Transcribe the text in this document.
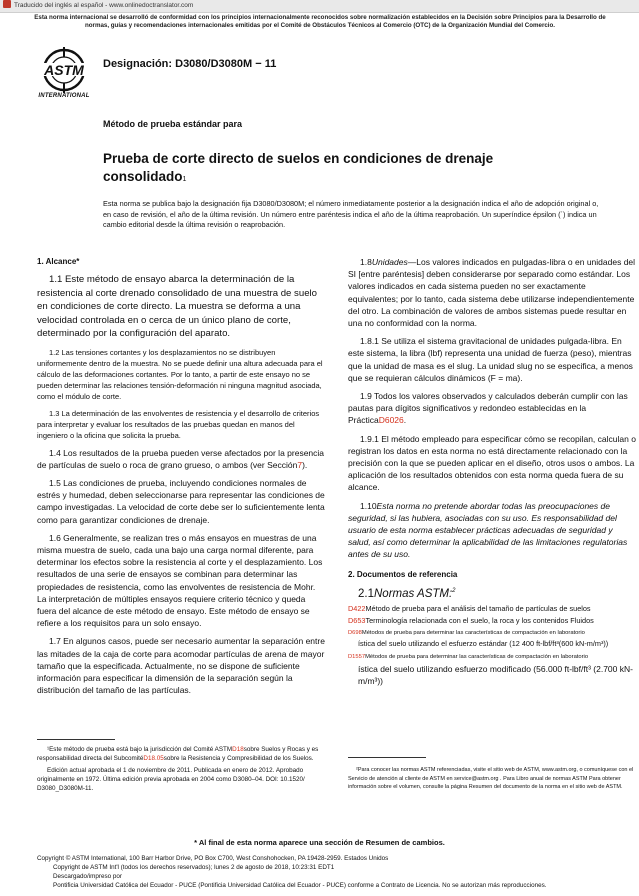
Traducido del inglés al español - www.onlinedoctranslator.com
Esta norma internacional se desarrolló de conformidad con los principios internacionalmente reconocidos sobre normalización establecidos en la Decisión sobre Principios para la Desarrollo de normas, guías y recomendaciones internacionales emitidas por el Comité de Obstáculos Técnicos al Comercio (OTC) de la Organización Mundial del Comercio.
ASTM
INTERNATIONAL
Designación: D3080/D3080M − 11
Método de prueba estándar para
Prueba de corte directo de suelos en condiciones de drenaje consolidado1
Esta norma se publica bajo la designación fija D3080/D3080M; el número inmediatamente posterior a la designación indica el año de adopción original o, en caso de revisión, el año de la última revisión. Un número entre paréntesis indica el año de la última reaprobación. Un superíndice épsilon (´) indica un cambio editorial desde la última revisión o reaprobación.
1. Alcance*

1.1 Este método de ensayo abarca la determinación de la resistencia al corte drenado consolidado de una muestra de suelo en condiciones de corte directo. La muestra se deforma a una velocidad controlada en o cerca de un único plano de corte, determinado por la configuración del aparato.

1.2 Las tensiones cortantes y los desplazamientos no se distribuyen uniformemente dentro de la muestra. No se puede definir una altura adecuada para el cálculo de las deformaciones cortantes. Por lo tanto, a partir de este ensayo no se pueden determinar las relaciones tensión-deformación ni ninguna magnitud asociada, como el módulo de corte.

1.3 La determinación de las envolventes de resistencia y el desarrollo de criterios para interpretar y evaluar los resultados de las pruebas quedan en manos del ingeniero o la oficina que solicita la prueba.

1.4 Los resultados de la prueba pueden verse afectados por la presencia de partículas de suelo o roca de grano grueso, o ambos (ver Sección7).

1.5 Las condiciones de prueba, incluyendo condiciones normales de estrés y humedad, deben seleccionarse para representar las condiciones de campo investigadas. La velocidad de corte debe ser lo suficientemente lenta como para garantizar condiciones de drenaje.

1.6 Generalmente, se realizan tres o más ensayos en muestras de una misma muestra de suelo, cada una bajo una carga normal diferente, para determinar los efectos sobre la resistencia al corte y el desplazamiento. Los resultados de una serie de ensayos se combinan para determinar las propiedades de resistencia, como las envolventes de resistencia de Mohr. La interpretación de múltiples ensayos requiere criterio técnico y queda fuera del alcance de este método de ensayo. Este método de ensayo se refiere a los requisitos para un solo ensayo.

1.7 En algunos casos, puede ser necesario aumentar la separación entre las mitades de la caja de corte para acomodar partículas de arena de mayor tamaño que la especificada. Actualmente, no se dispone de suficiente información para especificar la dimensión de la separación según la distribución del tamaño de las partículas.

1.8Unidades—Los valores indicados en pulgadas-libra o en unidades del SI [entre paréntesis] deben considerarse por separado como estándar. Los valores indicados en cada sistema pueden no ser exactamente equivalentes; por lo tanto, cada sistema debe utilizarse independientemente del otro. La combinación de valores de ambos sistemas puede resultar en una no conformidad con la norma.

1.8.1 Se utiliza el sistema gravitacional de unidades pulgada-libra. En este sistema, la libra (lbf) representa una unidad de fuerza (peso), mientras que la unidad de masa es el slug. La unidad slug no se especifica, a menos que se requieran cálculos dinámicos (F = ma).

1.9 Todos los valores observados y calculados deberán cumplir con las pautas para dígitos significativos y redondeo establecidas en la PrácticaD6026.

1.9.1 El método empleado para especificar cómo se recopilan, calculan o registran los datos en esta norma no está directamente relacionado con la precisión con la que se pueden aplicar en el diseño, otros usos o ambos. La aplicación de los resultados obtenidos con esta norma queda fuera de su alcance.

1.10Esta norma no pretende abordar todas las preocupaciones de seguridad, si las hubiera, asociadas con su uso. Es responsabilidad del usuario de esta norma establecer prácticas adecuadas de seguridad y salud, así como determinar la aplicabilidad de las limitaciones regulatorias antes de su uso.

2. Documentos de referencia
2.1Normas ASTM:$^2$
D422Método de prueba para el análisis del tamaño de partículas de suelos
D653Terminología relacionada con el suelo, la roca y los contenidos Fluidos
D698Métodos de prueba para determinar las características de compactación en laboratorio
ística del suelo utilizando el esfuerzo estándar (12 400 ft-lbf/ft³(600 kN-m/m³))
D1557Métodos de prueba para determinar las características de compactación en laboratorio
ística del suelo utilizando esfuerzo modificado (56.000 ft-lbf/ft³ (2.700 kN-m/m³))

¹Este método de prueba está bajo la jurisdicción del Comité ASTMD18sobre Suelos y Rocas y es responsabilidad directa del SubcomitéD18.05sobre la Resistencia y Compresibilidad de los Suelos.

Edición actual aprobada el 1 de noviembre de 2011. Publicada en enero de 2012. Aprobado originalmente en 1972. Última edición previa aprobada en 2004 como D3080–04. DOI: 10.1520/ D3080_D3080M-11.

²Para conocer las normas ASTM referenciadas, visite el sitio web de ASTM, www.astm.org, o comuníquese con el Servicio de atención al cliente de ASTM en service@astm.org . Para Libro anual de normas ASTM Para obtener información sobre el volumen, consulte la página Resumen del documento de la norma en el sitio web de ASTM.

* Al final de esta norma aparece una sección de Resumen de cambios.
Copyright © ASTM International, 100 Barr Harbor Drive, PO Box C700, West Conshohocken, PA 19428-2959. Estados Unidos
Copyright de ASTM Int'l (todos los derechos reservados); lunes 2 de agosto de 2018, 10:23:31 EDT1
Descargado/impreso por
Pontificia Universidad Católica del Ecuador - PUCE (Pontificia Universidad Católica del Ecuador - PUCE) conforme a Contrato de Licencia. No se autorizan más reproducciones.
